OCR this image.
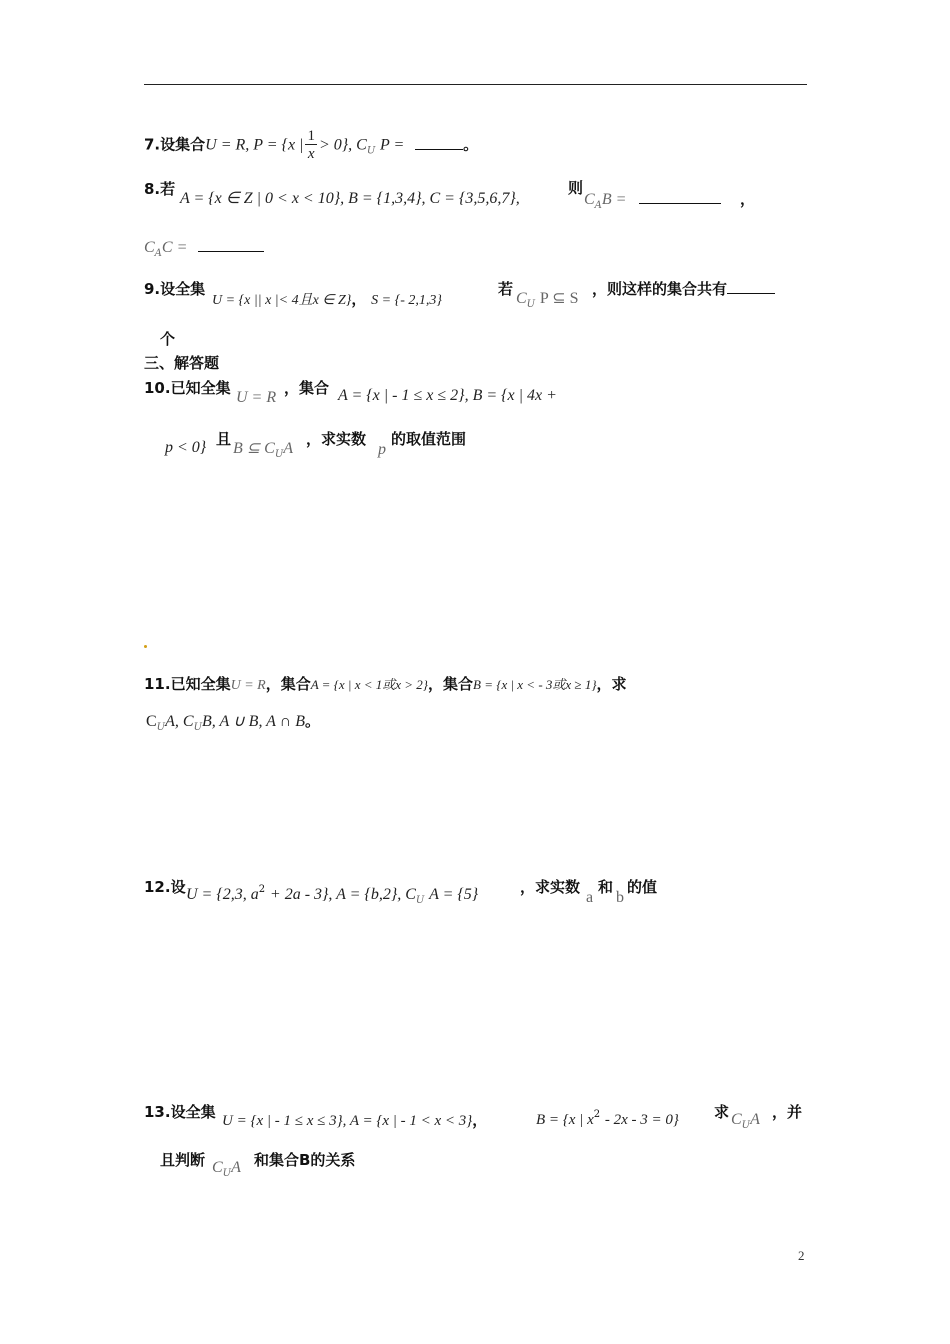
7.设集合U = R, P = {x | $\frac{1}{x} > 0$}, $C_U$ P =	。
8.若
A = {x ∈ Z | 0 < x < 10}, B = {1,3,4}, C = {3,5,6,7},
则
$C_AB$ =	，
$C_AC$ =
9.设全集
U = {x || x |< 4且x ∈ Z}， S = {- 2,1,3}
若
$C_U$ P ⊆ S
，则这样的集合共有
个
三、解答题
10.已知全集
U = R
，集合 A = {x | - 1 ≤ x ≤ 2}, B = {x | 4x +
p < 0} 且
B ⊆ $C_UA$
，求实数
p
的取值范围
11.已知全集U = R，集合A = {x | x < 1或x > 2}，集合B = {x | x < - 3或x ≥ 1}，求
$C_UA$, $C_UB$, A ∪ B, A ∩ B。
12.设 U = {2,3, $a^2 + 2a - 3$}, A = {b,2}, $C_U$ A = {5}	，求实数
a
和
b
的值
13.设全集 U = {x | - 1 ≤ x ≤ 3}, A = {x | - 1 < x < 3}，	B = {x | $x^2 - 2x - 3 = 0$} 求 $C_UA$ ，并
且判断 $C_UA$ 和集合B的关系
2
